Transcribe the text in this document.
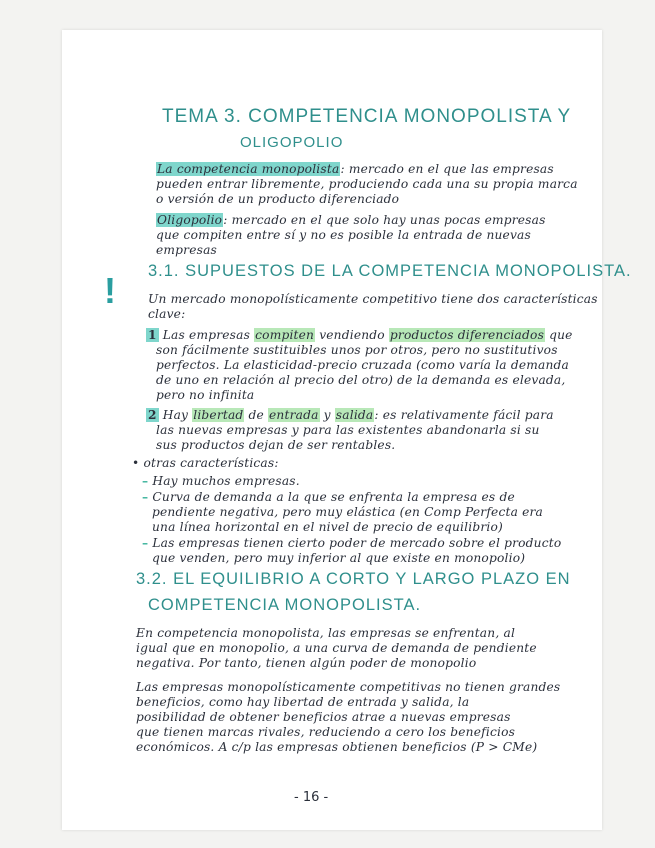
TEMA 3. COMPETENCIA MONOPOLISTA Y
OLIGOPOLIO
La competencia monopolista: mercado en el que las empresas
pueden entrar libremente, produciendo cada una su propia marca
o versión de un producto diferenciado
Oligopolio: mercado en el que solo hay unas pocas empresas
que compiten entre sí y no es posible la entrada de nuevas
empresas
! 3.1. SUPUESTOS DE LA COMPETENCIA MONOPOLISTA.
Un mercado monopolísticamente competitivo tiene dos características
clave:
1 Las empresas compiten vendiendo productos diferenciados que
son fácilmente sustituibles unos por otros, pero no sustitutivos
perfectos. La elasticidad-precio cruzada (como varía la demanda
de uno en relación al precio del otro) de la demanda es elevada,
pero no infinita
2 Hay libertad de entrada y salida: es relativamente fácil para
las nuevas empresas y para las existentes abandonarla si su
sus productos dejan de ser rentables.
• otras características:
– Hay muchos empresas.
– Curva de demanda a la que se enfrenta la empresa es de
pendiente negativa, pero muy elástica (en Comp Perfecta era
una línea horizontal en el nivel de precio de equilibrio)
– Las empresas tienen cierto poder de mercado sobre el producto
que venden, pero muy inferior al que existe en monopolio)
3.2. EL EQUILIBRIO A CORTO Y LARGO PLAZO EN
COMPETENCIA MONOPOLISTA.
En competencia monopolista, las empresas se enfrentan, al
igual que en monopolio, a una curva de demanda de pendiente
negativa. Por tanto, tienen algún poder de monopolio
Las empresas monopolísticamente competitivas no tienen grandes
beneficios, como hay libertad de entrada y salida, la
posibilidad de obtener beneficios atrae a nuevas empresas
que tienen marcas rivales, reduciendo a cero los beneficios
económicos. A c/p las empresas obtienen beneficios (P > CMe)
- 16 -
